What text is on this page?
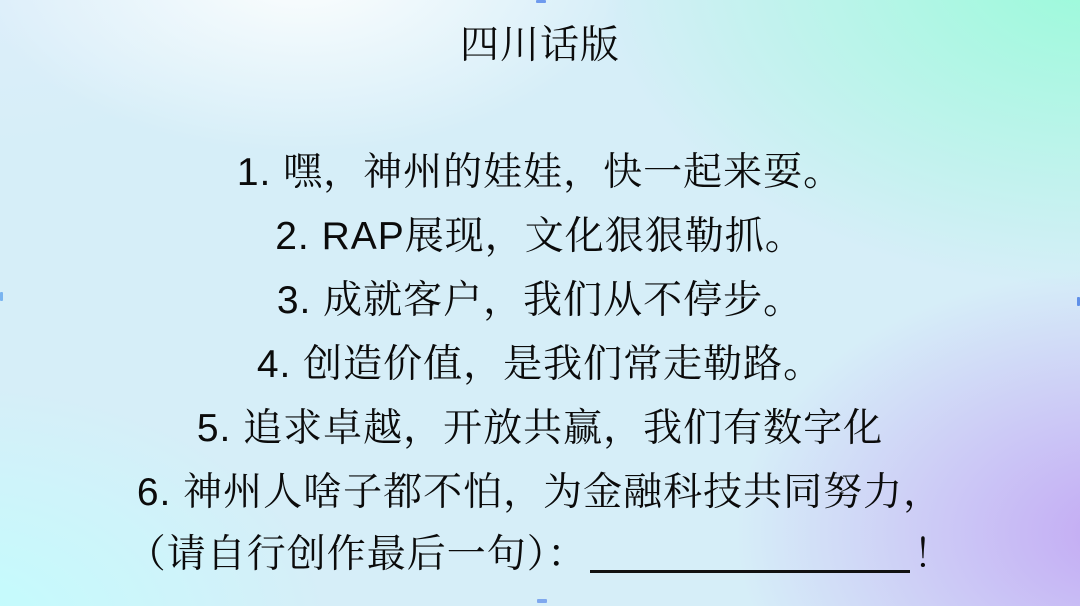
四川话版
1. 嘿，神州的娃娃，快一起来耍。
2. RAP展现，文化狠狠勒抓。
3. 成就客户，我们从不停步。
4. 创造价值，是我们常走勒路。
5. 追求卓越，开放共赢，我们有数字化
6. 神州人啥子都不怕，为金融科技共同努力，
（请自行创作最后一句）：	！
